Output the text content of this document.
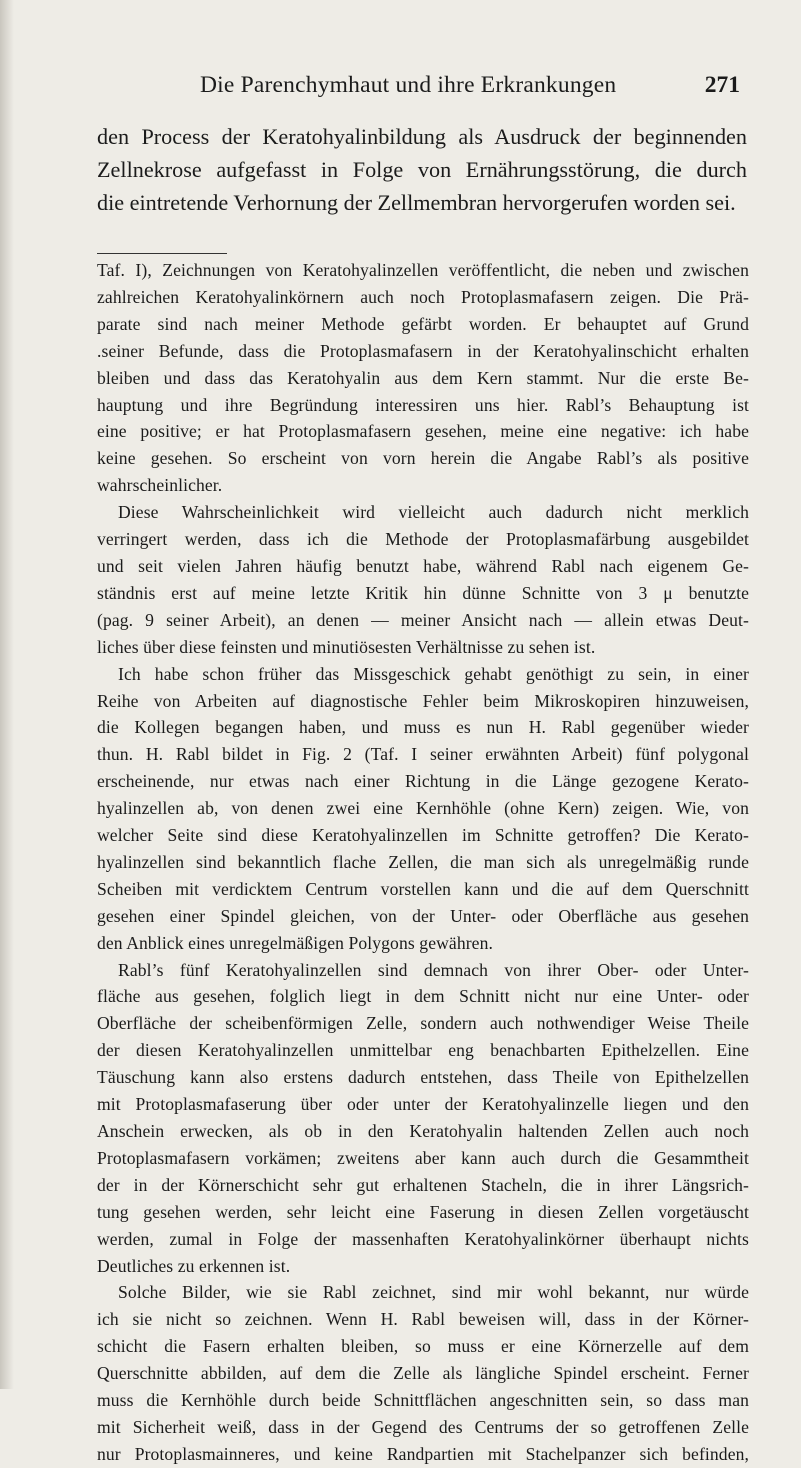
Die Parenchymhaut und ihre Erkrankungen	271
den Process der Keratohyalinbildung als Ausdruck der beginnenden
Zellnekrose aufgefasst in Folge von Ernährungsstörung, die durch
die eintretende Verhornung der Zellmembran hervorgerufen worden sei.
Taf. I), Zeichnungen von Keratohyalinzellen veröffentlicht, die neben und zwischen
zahlreichen Keratohyalinkörnern auch noch Protoplasmafasern zeigen. Die Prä-
parate sind nach meiner Methode gefärbt worden. Er behauptet auf Grund
.seiner Befunde, dass die Protoplasmafasern in der Keratohyalinschicht erhalten
bleiben und dass das Keratohyalin aus dem Kern stammt. Nur die erste Be-
hauptung und ihre Begründung interessiren uns hier. Rabl’s Behauptung ist
eine positive; er hat Protoplasmafasern gesehen, meine eine negative: ich habe
keine gesehen. So erscheint von vorn herein die Angabe Rabl’s als positive
wahrscheinlicher.
Diese Wahrscheinlichkeit wird vielleicht auch dadurch nicht merklich
verringert werden, dass ich die Methode der Protoplasmafärbung ausgebildet
und seit vielen Jahren häufig benutzt habe, während Rabl nach eigenem Ge-
ständnis erst auf meine letzte Kritik hin dünne Schnitte von 3 μ benutzte
(pag. 9 seiner Arbeit), an denen — meiner Ansicht nach — allein etwas Deut-
liches über diese feinsten und minutiösesten Verhältnisse zu sehen ist.
Ich habe schon früher das Missgeschick gehabt genöthigt zu sein, in einer
Reihe von Arbeiten auf diagnostische Fehler beim Mikroskopiren hinzuweisen,
die Kollegen begangen haben, und muss es nun H. Rabl gegenüber wieder
thun. H. Rabl bildet in Fig. 2 (Taf. I seiner erwähnten Arbeit) fünf polygonal
erscheinende, nur etwas nach einer Richtung in die Länge gezogene Kerato-
hyalinzellen ab, von denen zwei eine Kernhöhle (ohne Kern) zeigen. Wie, von
welcher Seite sind diese Keratohyalinzellen im Schnitte getroffen? Die Kerato-
hyalinzellen sind bekanntlich flache Zellen, die man sich als unregelmäßig runde
Scheiben mit verdicktem Centrum vorstellen kann und die auf dem Querschnitt
gesehen einer Spindel gleichen, von der Unter- oder Oberfläche aus gesehen
den Anblick eines unregelmäßigen Polygons gewähren.
Rabl’s fünf Keratohyalinzellen sind demnach von ihrer Ober- oder Unter-
fläche aus gesehen, folglich liegt in dem Schnitt nicht nur eine Unter- oder
Oberfläche der scheibenförmigen Zelle, sondern auch nothwendiger Weise Theile
der diesen Keratohyalinzellen unmittelbar eng benachbarten Epithelzellen. Eine
Täuschung kann also erstens dadurch entstehen, dass Theile von Epithelzellen
mit Protoplasmafaserung über oder unter der Keratohyalinzelle liegen und den
Anschein erwecken, als ob in den Keratohyalin haltenden Zellen auch noch
Protoplasmafasern vorkämen; zweitens aber kann auch durch die Gesammtheit
der in der Körnerschicht sehr gut erhaltenen Stacheln, die in ihrer Längsrich-
tung gesehen werden, sehr leicht eine Faserung in diesen Zellen vorgetäuscht
werden, zumal in Folge der massenhaften Keratohyalinkörner überhaupt nichts
Deutliches zu erkennen ist.
Solche Bilder, wie sie Rabl zeichnet, sind mir wohl bekannt, nur würde
ich sie nicht so zeichnen. Wenn H. Rabl beweisen will, dass in der Körner-
schicht die Fasern erhalten bleiben, so muss er eine Körnerzelle auf dem
Querschnitte abbilden, auf dem die Zelle als längliche Spindel erscheint. Ferner
muss die Kernhöhle durch beide Schnittflächen angeschnitten sein, so dass man
mit Sicherheit weiß, dass in der Gegend des Centrums der so getroffenen Zelle
nur Protoplasmainneres, und keine Randpartien mit Stachelpanzer sich befinden,
